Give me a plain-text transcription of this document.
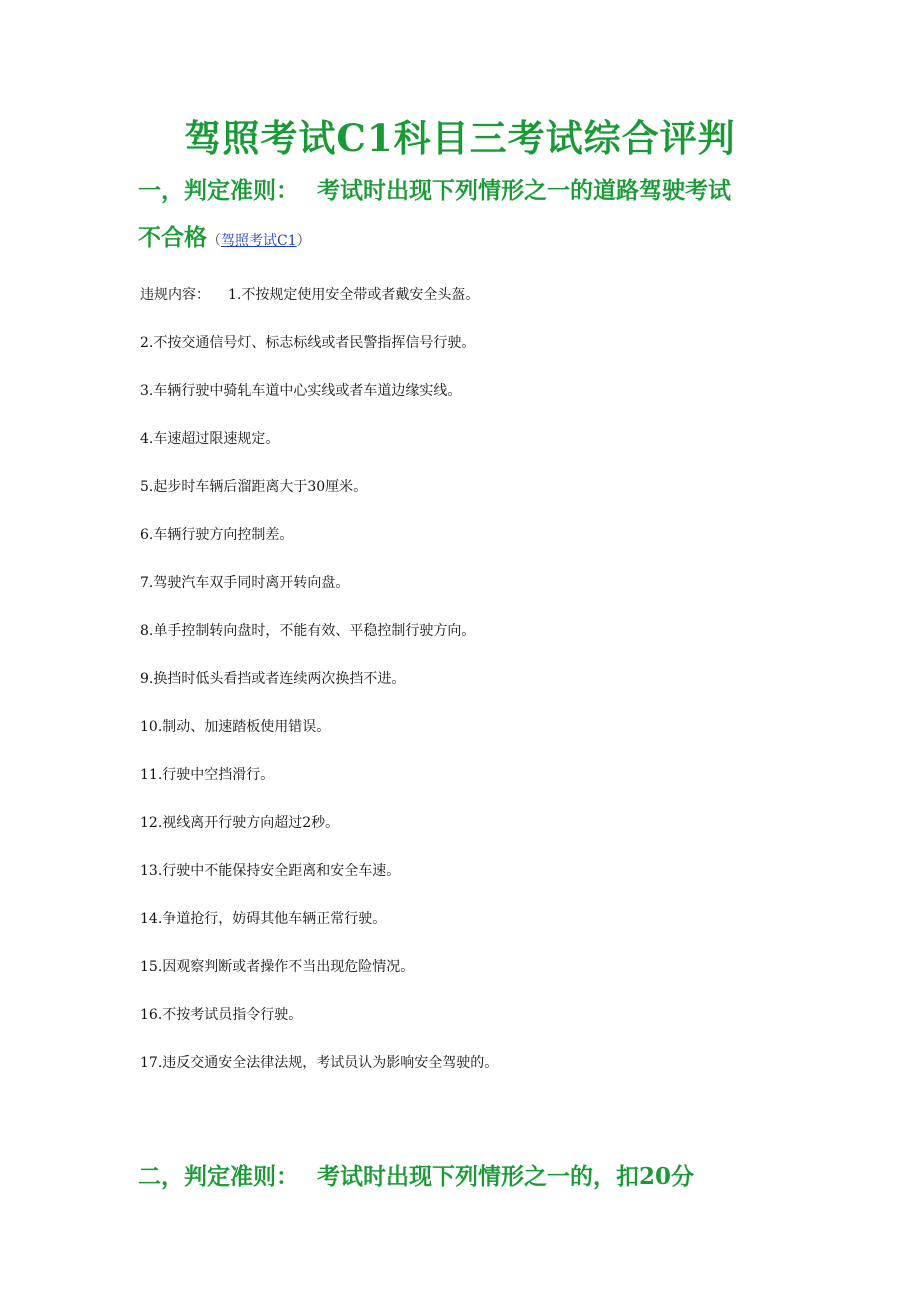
驾照考试C1科目三考试综合评判
一，判定准则： 考试时出现下列情形之一的道路驾驶考试
不合格（驾照考试C1）

违规内容： 1.不按规定使用安全带或者戴安全头盔。

2.不按交通信号灯、标志标线或者民警指挥信号行驶。

3.车辆行驶中骑轧车道中心实线或者车道边缘实线。

4.车速超过限速规定。

5.起步时车辆后溜距离大于30厘米。

6.车辆行驶方向控制差。

7.驾驶汽车双手同时离开转向盘。

8.单手控制转向盘时，不能有效、平稳控制行驶方向。

9.换挡时低头看挡或者连续两次换挡不进。

10.制动、加速踏板使用错误。

11.行驶中空挡滑行。

12.视线离开行驶方向超过2秒。

13.行驶中不能保持安全距离和安全车速。

14.争道抢行，妨碍其他车辆正常行驶。

15.因观察判断或者操作不当出现危险情况。

16.不按考试员指令行驶。

17.违反交通安全法律法规，考试员认为影响安全驾驶的。

二，判定准则： 考试时出现下列情形之一的，扣20分
